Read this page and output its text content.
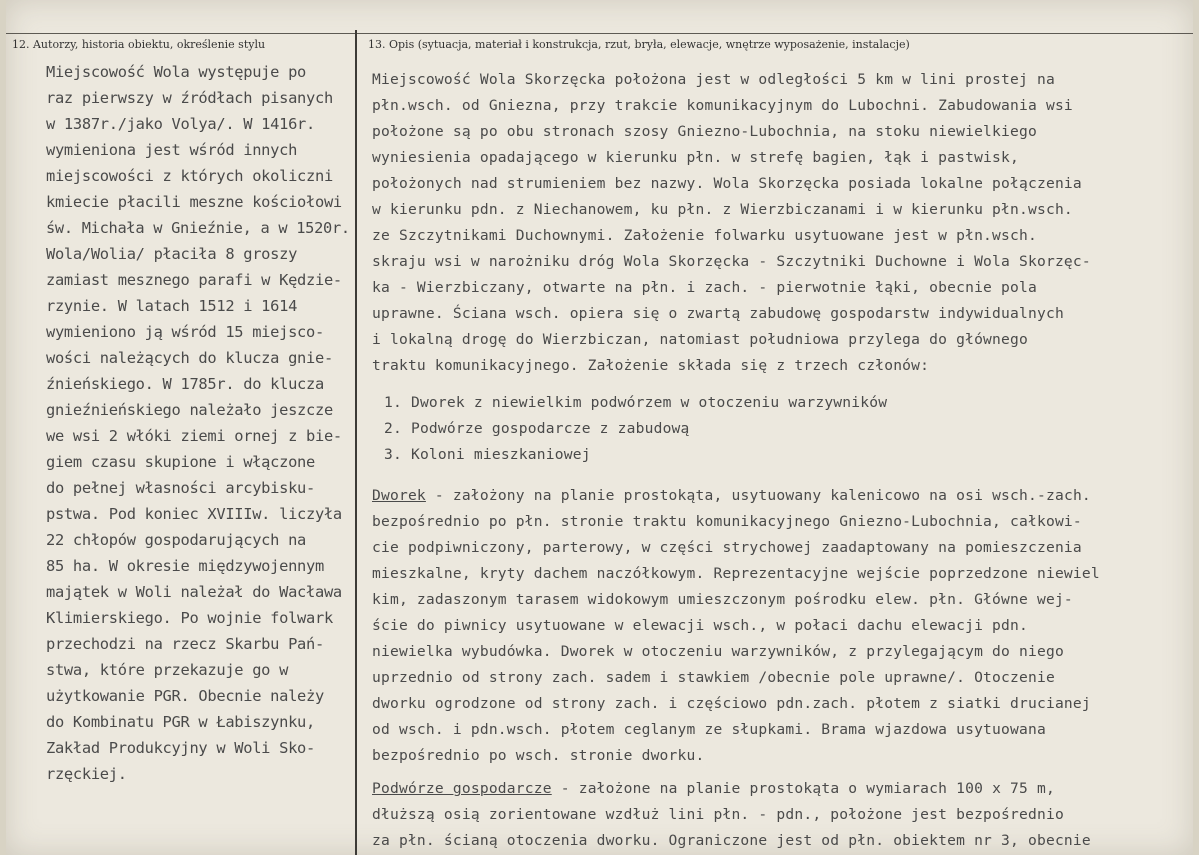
12. Autorzy, historia obiektu, określenie stylu	13. Opis (sytuacja, materiał i konstrukcja, rzut, bryła, elewacje, wnętrze wyposażenie, instalacje)
Miejscowość Wola występuje po
raz pierwszy w źródłach pisanych
w 1387r./jako Volya/. W 1416r.
wymieniona jest wśród innych
miejscowości z których okoliczni
kmiecie płacili meszne kościołowi
św. Michała w Gnieźnie, a w 1520r.
Wola/Wolia/ płaciła 8 groszy
zamiast mesznego parafi w Kędzie-
rzynie. W latach 1512 i 1614
wymieniono ją wśród 15 miejsco-
wości należących do klucza gnie-
źnieńskiego. W 1785r. do klucza
gnieźnieńskiego należało jeszcze
we wsi 2 włóki ziemi ornej z bie-
giem czasu skupione i włączone
do pełnej własności arcybisku-
pstwa. Pod koniec XVIIIw. liczyła
22 chłopów gospodarujących na
85 ha. W okresie międzywojennym
majątek w Woli należał do Wacława
Klimierskiego. Po wojnie folwark
przechodzi na rzecz Skarbu Pań-
stwa, które przekazuje go w
użytkowanie PGR. Obecnie należy
do Kombinatu PGR w Łabiszynku,
Zakład Produkcyjny w Woli Sko-
rzęckiej.
Miejscowość Wola Skorzęcka położona jest w odległości 5 km w lini prostej na
płn.wsch. od Gniezna, przy trakcie komunikacyjnym do Lubochni. Zabudowania wsi
położone są po obu stronach szosy Gniezno-Lubochnia, na stoku niewielkiego
wyniesienia opadającego w kierunku płn. w strefę bagien, łąk i pastwisk,
położonych nad strumieniem bez nazwy. Wola Skorzęcka posiada lokalne połączenia
w kierunku pdn. z Niechanowem, ku płn. z Wierzbiczanami i w kierunku płn.wsch.
ze Szczytnikami Duchownymi. Założenie folwarku usytuowane jest w płn.wsch.
skraju wsi w narożniku dróg Wola Skorzęcka - Szczytniki Duchowne i Wola Skorzęc-
ka - Wierzbiczany, otwarte na płn. i zach. - pierwotnie łąki, obecnie pola
uprawne. Ściana wsch. opiera się o zwartą zabudowę gospodarstw indywidualnych
i lokalną drogę do Wierzbiczan, natomiast południowa przylega do głównego
traktu komunikacyjnego. Założenie składa się z trzech członów:
1. Dworek z niewielkim podwórzem w otoczeniu warzywników
2. Podwórze gospodarcze z zabudową
3. Koloni mieszkaniowej
Dworek - założony na planie prostokąta, usytuowany kalenicowo na osi wsch.-zach.
bezpośrednio po płn. stronie traktu komunikacyjnego Gniezno-Lubochnia, całkowi-
cie podpiwniczony, parterowy, w części strychowej zaadaptowany na pomieszczenia
mieszkalne, kryty dachem naczółkowym. Reprezentacyjne wejście poprzedzone niewiel
kim, zadaszonym tarasem widokowym umieszczonym pośrodku elew. płn. Główne wej-
ście do piwnicy usytuowane w elewacji wsch., w połaci dachu elewacji pdn.
niewielka wybudówka. Dworek w otoczeniu warzywników, z przylegającym do niego
uprzednio od strony zach. sadem i stawkiem /obecnie pole uprawne/. Otoczenie
dworku ogrodzone od strony zach. i częściowo pdn.zach. płotem z siatki drucianej
od wsch. i pdn.wsch. płotem ceglanym ze słupkami. Brama wjazdowa usytuowana
bezpośrednio po wsch. stronie dworku.
Podwórze gospodarcze - założone na planie prostokąta o wymiarach 100 x 75 m,
dłuższą osią zorientowane wzdłuż lini płn. - pdn., położone jest bezpośrednio
za płn. ścianą otoczenia dworku. Ograniczone jest od płn. obiektem nr 3, obecnie
